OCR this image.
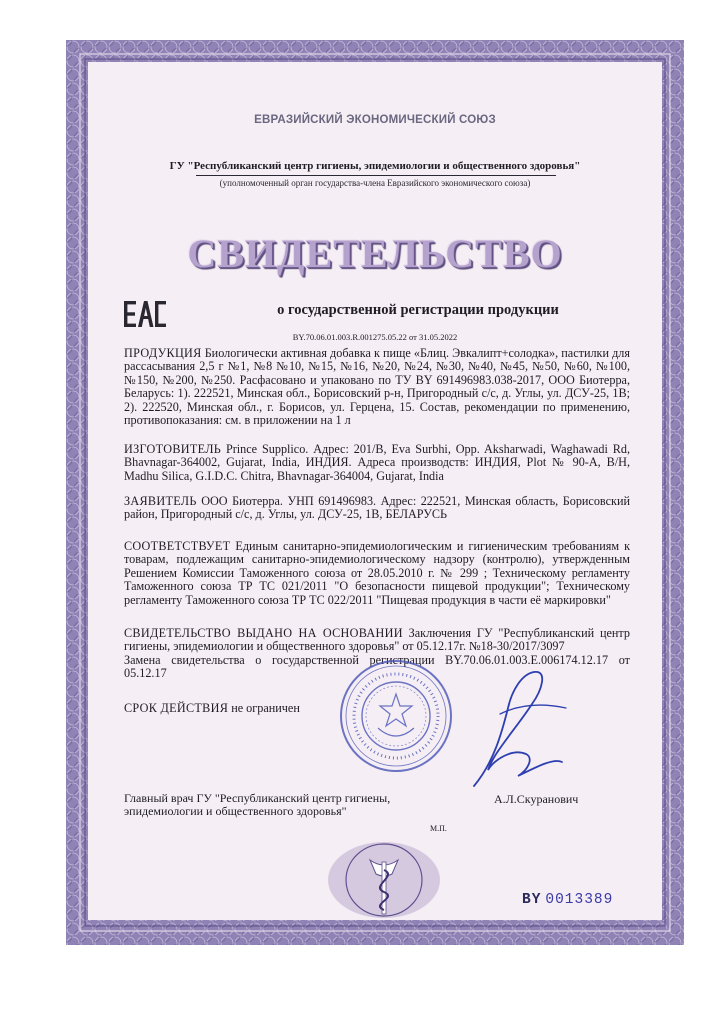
ЕВРАЗИЙСКИЙ ЭКОНОМИЧЕСКИЙ СОЮЗ

ГУ "Республиканский центр гигиены, эпидемиологии и общественного здоровья"

(уполномоченный орган государства-члена Евразийского экономического союза)

СВИДЕТЕЛЬСТВО

о государственной регистрации продукции

BY.70.06.01.003.R.001275.05.22 от 31.05.2022

ПРОДУКЦИЯ Биологически активная добавка к пище «Блиц. Эвкалипт+солодка», пастилки для рассасывания 2,5 г №1, №8 №10, №15, №16, №20, №24, №30, №40, №45, №50, №60, №100, №150, №200, №250. Расфасовано и упаковано по ТУ BY 691496983.038-2017, ООО Биотерра, Беларусь: 1). 222521, Минская обл., Борисовский р-н, Пригородный с/с, д. Углы, ул. ДСУ-25, 1В; 2). 222520, Минская обл., г. Борисов, ул. Герцена, 15. Состав, рекомендации по применению, противопоказания: см. в приложении на 1 л

ИЗГОТОВИТЕЛЬ Prince Supplico. Адрес: 201/B, Eva Surbhi, Opp. Aksharwadi, Waghawadi Rd, Bhavnagar-364002, Gujarat, India, ИНДИЯ. Адреса производств: ИНДИЯ, Plot № 90-A, B/H, Madhu Silica, G.I.D.C. Chitra, Bhavnagar-364004, Gujarat, India

ЗАЯВИТЕЛЬ ООО Биотерра. УНП 691496983. Адрес: 222521, Минская область, Борисовский район, Пригородный с/с, д. Углы, ул. ДСУ-25, 1В, БЕЛАРУСЬ

СООТВЕТСТВУЕТ Единым санитарно-эпидемиологическим и гигиеническим требованиям к товарам, подлежащим санитарно-эпидемиологическому надзору (контролю), утвержденным Решением Комиссии Таможенного союза от 28.05.2010 г. № 299 ; Техническому регламенту Таможенного союза ТР ТС 021/2011 "О безопасности пищевой продукции"; Техническому регламенту Таможенного союза ТР ТС 022/2011 "Пищевая продукция в части её маркировки"

СВИДЕТЕЛЬСТВО ВЫДАНО НА ОСНОВАНИИ Заключения ГУ "Республиканский центр гигиены, эпидемиологии и общественного здоровья" от 05.12.17г. №18-30/2017/3097
Замена свидетельства о государственной регистрации BY.70.06.01.003.E.006174.12.17 от 05.12.17

СРОК ДЕЙСТВИЯ не ограничен

Главный врач ГУ "Республиканский центр гигиены, эпидемиологии и общественного здоровья"

А.Л.Скуранович

М.П.

BY 0013389
